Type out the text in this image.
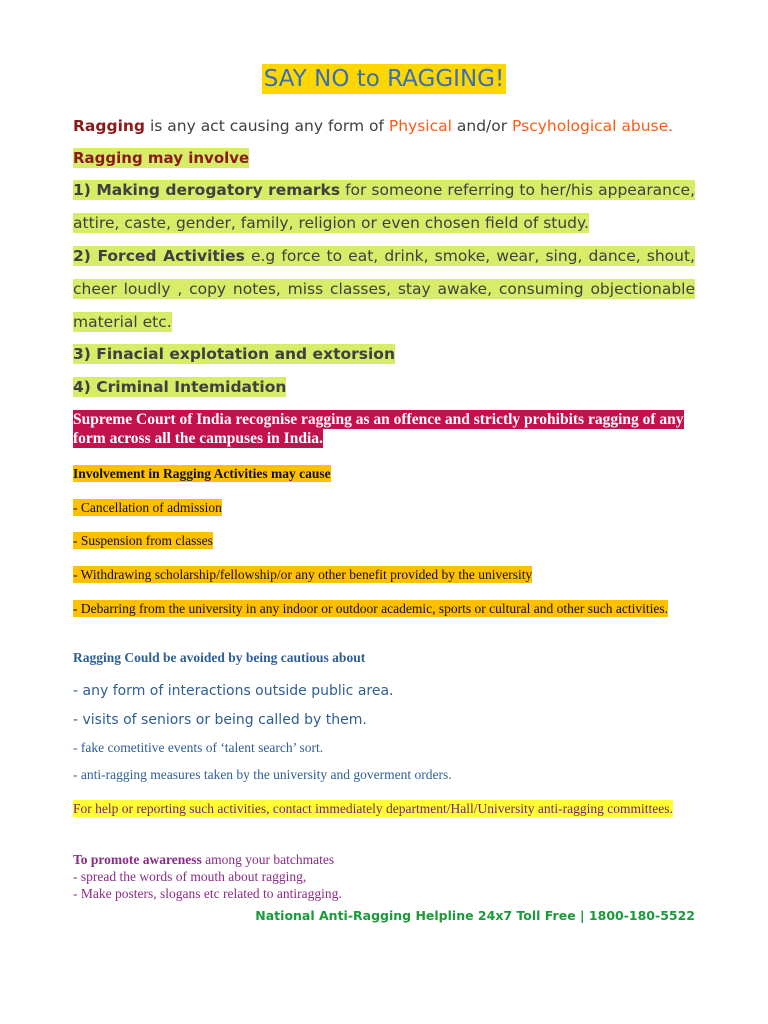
SAY NO to RAGGING!
Ragging is any act causing any form of Physical and/or Pscyhological abuse.
Ragging may involve
1) Making derogatory remarks for someone referring to her/his appearance, attire, caste, gender, family, religion or even chosen field of study.
2) Forced Activities e.g force to eat, drink, smoke, wear, sing, dance, shout, cheer loudly , copy notes, miss classes, stay awake, consuming objectionable material etc.
3) Finacial explotation and extorsion
4) Criminal Intemidation
Supreme Court of India recognise ragging as an offence and strictly prohibits ragging of any form across all the campuses in India.
Involvement in Ragging Activities may cause
- Cancellation of admission
- Suspension from classes
- Withdrawing scholarship/fellowship/or any other benefit provided by the university
- Debarring from the university in any indoor or outdoor academic, sports or cultural and other such activities.
Ragging Could be avoided by being cautious about
- any form of interactions outside public area.
- visits of seniors or being called by them.
- fake cometitive events of ‘talent search’ sort.
- anti-ragging measures taken by the university and goverment orders.
For help or reporting such activities, contact immediately department/Hall/University anti-ragging committees.
To promote awareness among your batchmates
- spread the words of mouth about ragging,
- Make posters, slogans etc related to antiragging.
National Anti-Ragging Helpline 24x7 Toll Free | 1800-180-5522
